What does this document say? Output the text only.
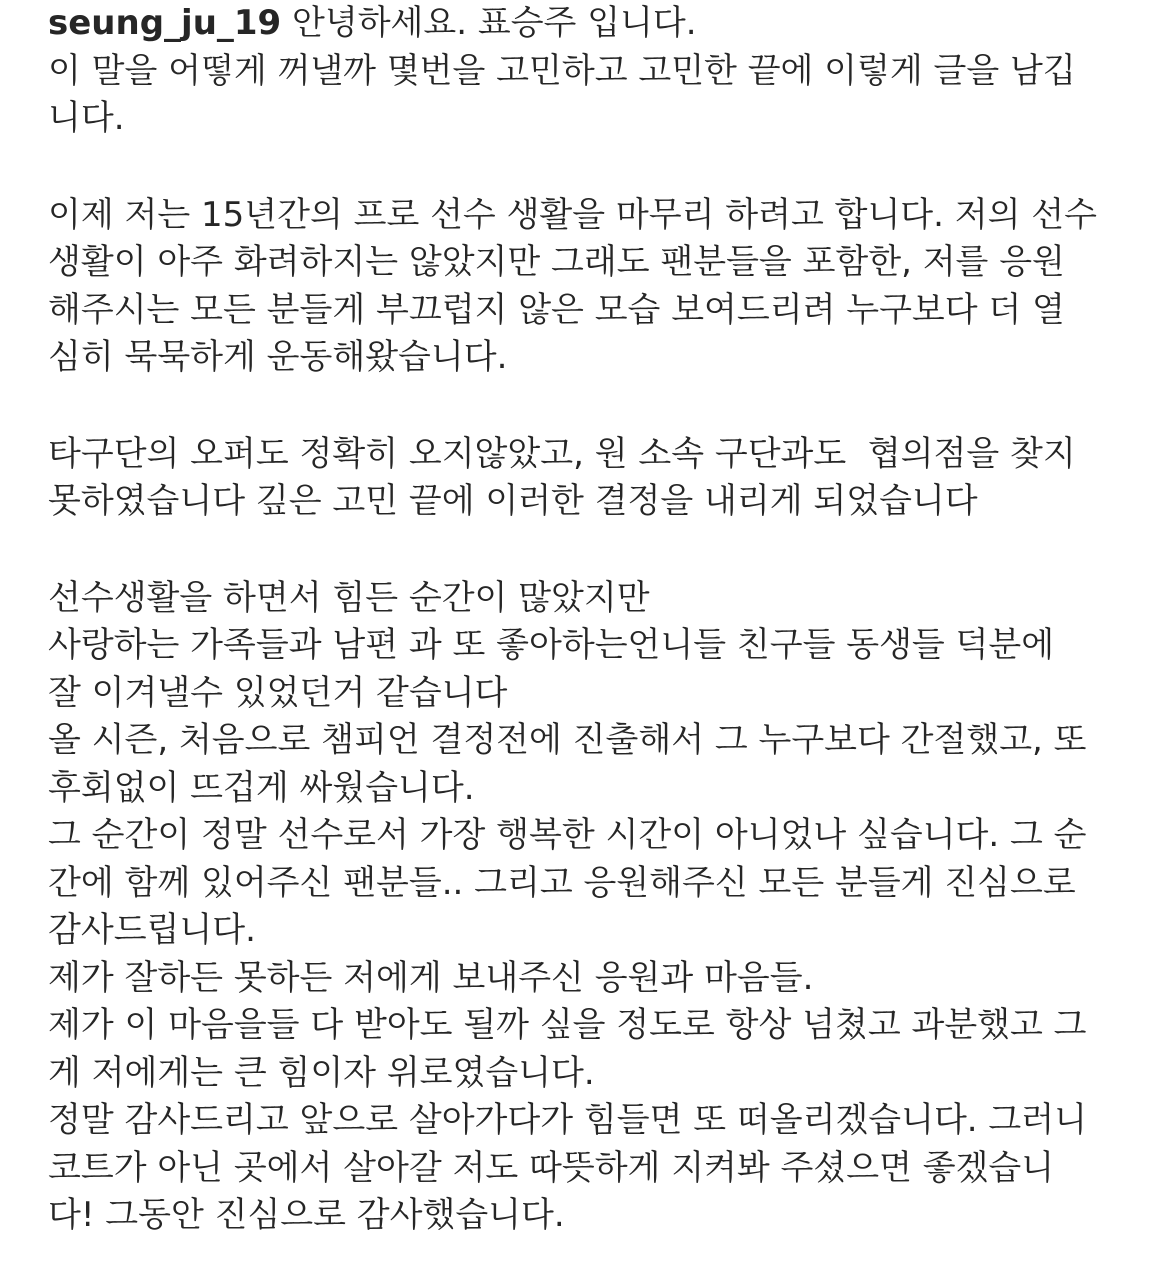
seung_ju_19 안녕하세요. 표승주 입니다.
이 말을 어떻게 꺼낼까 몇번을 고민하고 고민한 끝에 이렇게 글을 남깁
니다.
이제 저는 15년간의 프로 선수 생활을 마무리 하려고 합니다. 저의 선수
생활이 아주 화려하지는 않았지만 그래도 팬분들을 포함한, 저를 응원
해주시는 모든 분들게 부끄럽지 않은 모습 보여드리려 누구보다 더 열
심히 묵묵하게 운동해왔습니다.
타구단의 오퍼도 정확히 오지않았고, 원 소속 구단과도  협의점을 찾지
못하였습니다 깊은 고민 끝에 이러한 결정을 내리게 되었습니다
선수생활을 하면서 힘든 순간이 많았지만
사랑하는 가족들과 남편 과 또 좋아하는언니들 친구들 동생들 덕분에
잘 이겨낼수 있었던거 같습니다
올 시즌, 처음으로 챔피언 결정전에 진출해서 그 누구보다 간절했고, 또
후회없이 뜨겁게 싸웠습니다.
그 순간이 정말 선수로서 가장 행복한 시간이 아니었나 싶습니다. 그 순
간에 함께 있어주신 팬분들.. 그리고 응원해주신 모든 분들게 진심으로
감사드립니다.
제가 잘하든 못하든 저에게 보내주신 응원과 마음들.
제가 이 마음을들 다 받아도 될까 싶을 정도로 항상 넘쳤고 과분했고 그
게 저에게는 큰 힘이자 위로였습니다.
정말 감사드리고 앞으로 살아가다가 힘들면 또 떠올리겠습니다. 그러니
코트가 아닌 곳에서 살아갈 저도 따뜻하게 지켜봐 주셨으면 좋겠습니
다! 그동안 진심으로 감사했습니다.
